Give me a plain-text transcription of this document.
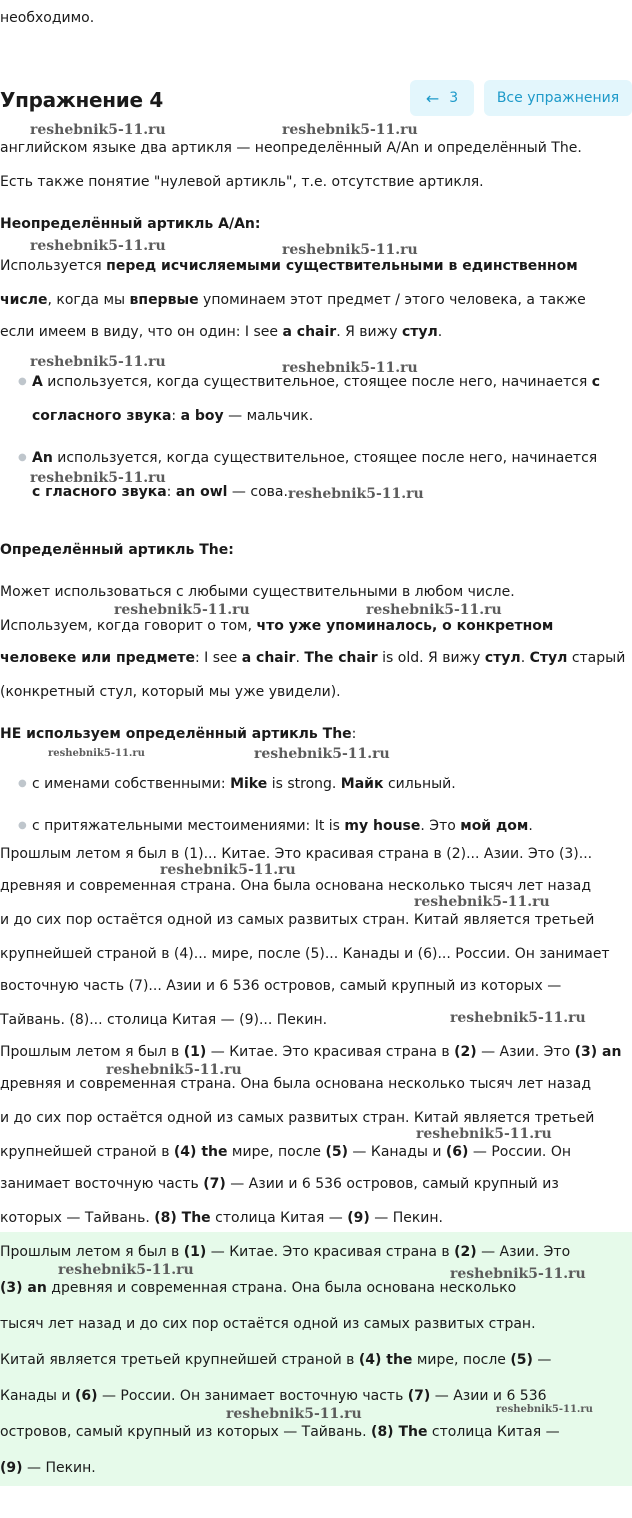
необходимо.
Упражнение 4	← 3	Все упражнения
английском языке два артикля — неопределённый A/An и определённый The.
Есть также понятие "нулевой артикль", т.е. отсутствие артикля.
Неопределённый артикль A/An:
Используется перед исчисляемыми существительными в единственном
числе, когда мы впервые упоминаем этот предмет / этого человека, а также
если имеем в виду, что он один: I see a chair. Я вижу стул.
● A используется, когда существительное, стоящее после него, начинается с
согласного звука: a boy — мальчик.
● An используется, когда существительное, стоящее после него, начинается
с гласного звука: an owl — сова.
Определённый артикль The:
Может использоваться с любыми существительными в любом числе.
Используем, когда говорит о том, что уже упоминалось, о конкретном
человеке или предмете: I see a chair. The chair is old. Я вижу стул. Стул старый
(конкретный стул, который мы уже увидели).
НЕ используем определённый артикль The:
● с именами собственными: Mike is strong. Майк сильный.
● с притяжательными местоимениями: It is my house. Это мой дом.
Прошлым летом я был в (1)... Китае. Это красивая страна в (2)... Азии. Это (3)...
древняя и современная страна. Она была основана несколько тысяч лет назад
и до сих пор остаётся одной из самых развитых стран. Китай является третьей
крупнейшей страной в (4)... мире, после (5)... Канады и (6)... России. Он занимает
восточную часть (7)... Азии и 6 536 островов, самый крупный из которых —
Тайвань. (8)... столица Китая — (9)... Пекин.
Прошлым летом я был в (1) — Китае. Это красивая страна в (2) — Азии. Это (3) an
древняя и современная страна. Она была основана несколько тысяч лет назад
и до сих пор остаётся одной из самых развитых стран. Китай является третьей
крупнейшей страной в (4) the мире, после (5) — Канады и (6) — России. Он
занимает восточную часть (7) — Азии и 6 536 островов, самый крупный из
которых — Тайвань. (8) The столица Китая — (9) — Пекин.
Прошлым летом я был в (1) — Китае. Это красивая страна в (2) — Азии. Это
(3) an древняя и современная страна. Она была основана несколько
тысяч лет назад и до сих пор остаётся одной из самых развитых стран.
Китай является третьей крупнейшей страной в (4) the мире, после (5) —
Канады и (6) — России. Он занимает восточную часть (7) — Азии и 6 536
островов, самый крупный из которых — Тайвань. (8) The столица Китая —
(9) — Пекин.
reshebnik5-11.ru	reshebnik5-11.ru
reshebnik5-11.ru	reshebnik5-11.ru
reshebnik5-11.ru	reshebnik5-11.ru
reshebnik5-11.ru
reshebnik5-11.ru
reshebnik5-11.ru	reshebnik5-11.ru
reshebnik5-11.ru	reshebnik5-11.ru
reshebnik5-11.ru
reshebnik5-11.ru
reshebnik5-11.ru
reshebnik5-11.ru
reshebnik5-11.ru
reshebnik5-11.ru	reshebnik5-11.ru
reshebnik5-11.ru	reshebnik5-11.ru
